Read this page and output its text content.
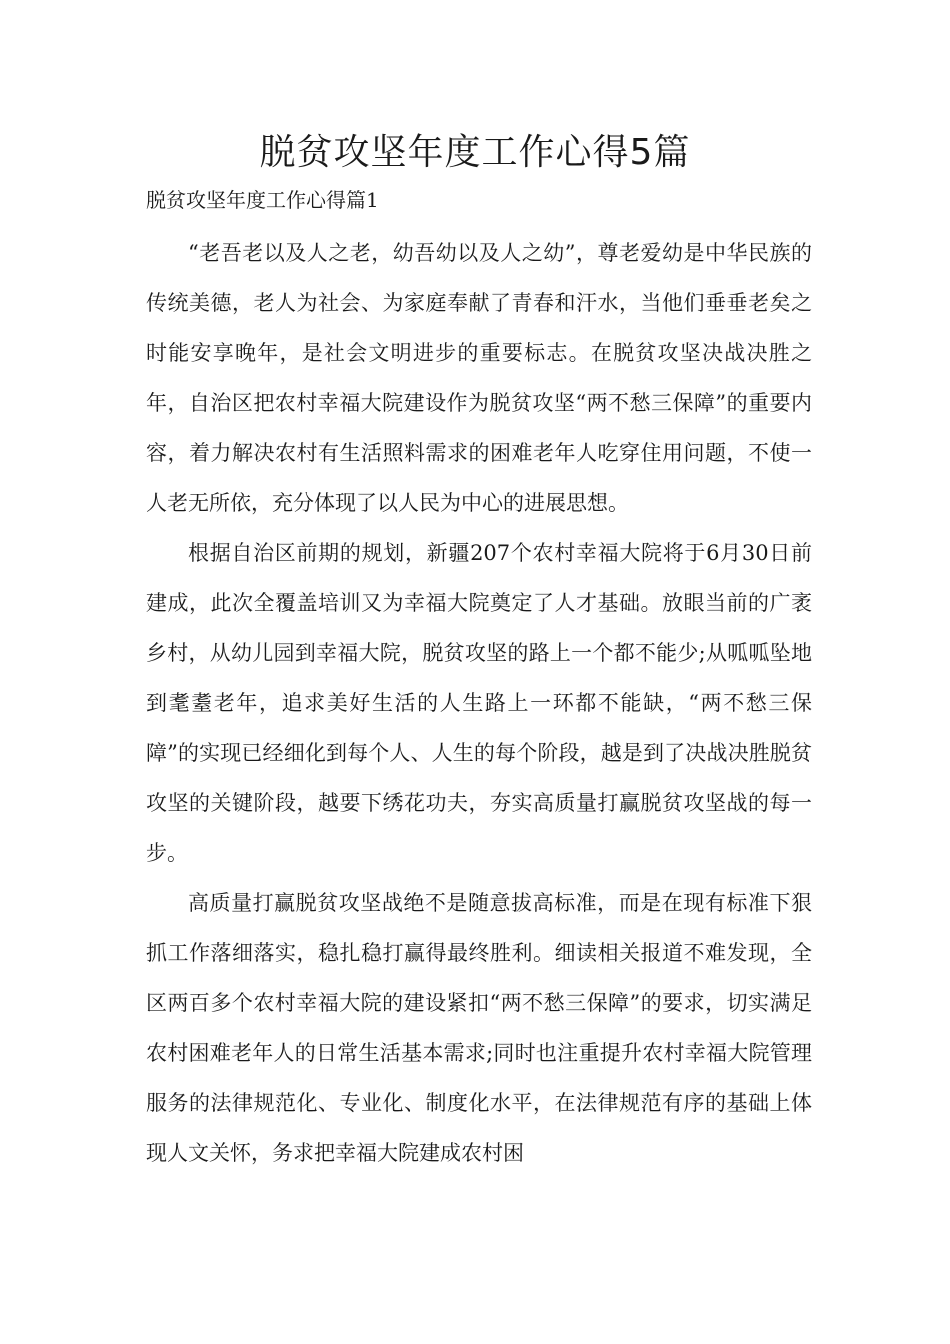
脱贫攻坚年度工作心得5篇
脱贫攻坚年度工作心得篇1

“老吾老以及人之老，幼吾幼以及人之幼”，尊老爱幼是中华民族的传统美德，老人为社会、为家庭奉献了青春和汗水，当他们垂垂老矣之时能安享晚年，是社会文明进步的重要标志。在脱贫攻坚决战决胜之年，自治区把农村幸福大院建设作为脱贫攻坚“两不愁三保障”的重要内容，着力解决农村有生活照料需求的困难老年人吃穿住用问题，不使一人老无所依，充分体现了以人民为中心的进展思想。

根据自治区前期的规划，新疆207个农村幸福大院将于6月30日前建成，此次全覆盖培训又为幸福大院奠定了人才基础。放眼当前的广袤乡村，从幼儿园到幸福大院，脱贫攻坚的路上一个都不能少;从呱呱坠地到耄耋老年，追求美好生活的人生路上一环都不能缺，“两不愁三保障”的实现已经细化到每个人、人生的每个阶段，越是到了决战决胜脱贫攻坚的关键阶段，越要下绣花功夫，夯实高质量打赢脱贫攻坚战的每一步。

高质量打赢脱贫攻坚战绝不是随意拔高标准，而是在现有标准下狠抓工作落细落实，稳扎稳打赢得最终胜利。细读相关报道不难发现，全区两百多个农村幸福大院的建设紧扣“两不愁三保障”的要求，切实满足农村困难老年人的日常生活基本需求;同时也注重提升农村幸福大院管理服务的法律规范化、专业化、制度化水平，在法律规范有序的基础上体现人文关怀，务求把幸福大院建成农村困
